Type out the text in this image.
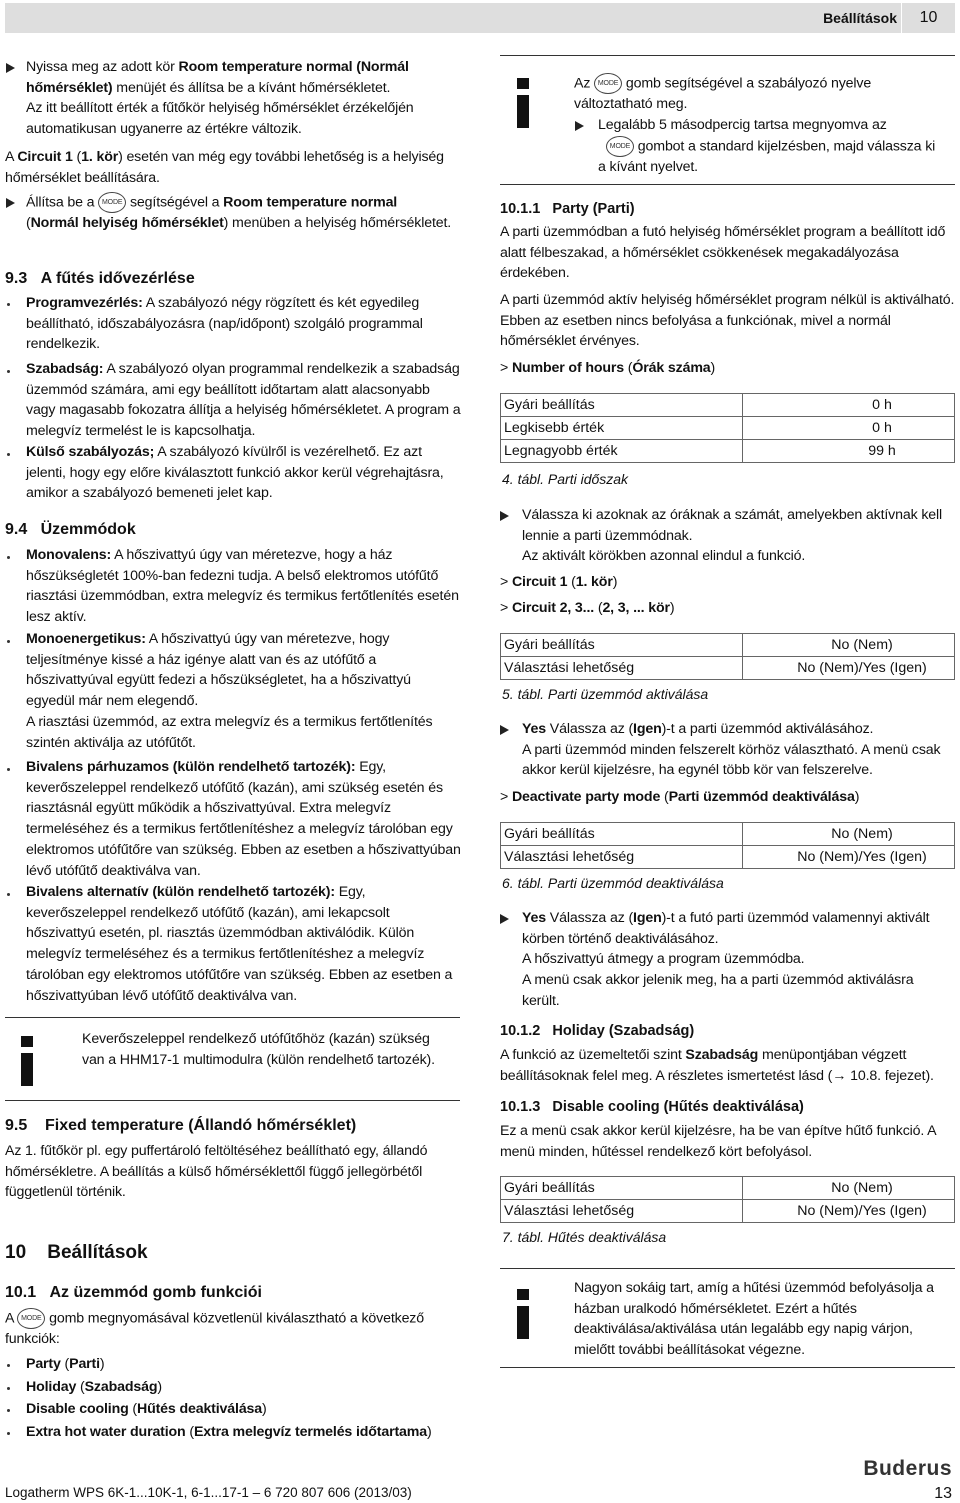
Beállítások	10
Nyissa meg az adott kör Room temperature normal (Normál hőmérséklet) menüjét és állítsa be a kívánt hőmérsékletet.
Az itt beállított érték a fűtőkör helyiség hőmérséklet érzékelőjén automatikusan ugyanerre az értékre változik.
A Circuit 1 (1. kör) esetén van még egy további lehetőség is a helyiség hőmérséklet beállítására.
Állítsa be a MODE segítségével a Room temperature normal
(Normál helyiség hőmérséklet) menüben a helyiség hőmérsékletet.
9.3 A fűtés idővezérlése
Programvezérlés: A szabályozó négy rögzített és két egyedileg beállítható, időszabályozásra (nap/időpont) szolgáló programmal rendelkezik.
Szabadság: A szabályozó olyan programmal rendelkezik a szabadság üzemmód számára, ami egy beállított időtartam alatt alacsonyabb vagy magasabb fokozatra állítja a helyiség hőmérsékletet. A program a melegvíz termelést le is kapcsolhatja.
Külső szabályozás; A szabályozó kívülről is vezérelhető. Ez azt jelenti, hogy egy előre kiválasztott funkció akkor kerül végrehajtásra, amikor a szabályozó bemeneti jelet kap.
9.4 Üzemmódok
Monovalens: A hőszivattyú úgy van méretezve, hogy a ház hőszükségletét 100%-ban fedezni tudja. A belső elektromos utófűtő riasztási üzemmódban, extra melegvíz és termikus fertőtlenítés esetén lesz aktív.
Monoenergetikus: A hőszivattyú úgy van méretezve, hogy teljesítménye kissé a ház igénye alatt van és az utófűtő a hőszivattyúval együtt fedezi a hőszükségletet, ha a hőszivattyú egyedül már nem elegendő.
A riasztási üzemmód, az extra melegvíz és a termikus fertőtlenítés szintén aktiválja az utófűtőt.
Bivalens párhuzamos (külön rendelhető tartozék): Egy, keverőszeleppel rendelkező utófűtő (kazán), ami szükség esetén és riasztásnál együtt működik a hőszivattyúval. Extra melegvíz termeléséhez és a termikus fertőtlenítéshez a melegvíz tárolóban egy elektromos utófűtőre van szükség. Ebben az esetben a hőszivattyúban lévő utófűtő deaktiválva van.
Bivalens alternatív (külön rendelhető tartozék): Egy, keverőszeleppel rendelkező utófűtő (kazán), ami lekapcsolt hőszivattyú esetén, pl. riasztás üzemmódban aktiválódik. Külön melegvíz termeléséhez és a termikus fertőtlenítéshez a melegvíz tárolóban egy elektromos utófűtőre van szükség. Ebben az esetben a hőszivattyúban lévő utófűtő deaktiválva van.
Keverőszeleppel rendelkező utófűtőhöz (kazán) szükség van a HHM17-1 multimodulra (külön rendelhető tartozék).
9.5 Fixed temperature (Állandó hőmérséklet)
Az 1. fűtőkör pl. egy puffertároló feltöltéséhez beállítható egy, állandó hőmérsékletre. A beállítás a külső hőmérséklettől függő jellegörbétől függetlenül történik.
10 Beállítások
10.1 Az üzemmód gomb funkciói
A MODE gomb megnyomásával közvetlenül kiválasztható a következő funkciók:
Party (Parti)
Holiday (Szabadság)
Disable cooling (Hűtés deaktiválása)
Extra hot water duration (Extra melegvíz termelés időtartama)
Az MODE gomb segítségével a szabályozó nyelve változtatható meg.
Legalább 5 másodpercig tartsa megnyomva az
MODE gombot a standard kijelzésben, majd válassza ki a kívánt nyelvet.
10.1.1 Party (Parti)
A parti üzemmódban a futó helyiség hőmérséklet program a beállított idő alatt félbeszakad, a hőmérséklet csökkenések megakadályozása érdekében.
A parti üzemmód aktív helyiség hőmérséklet program nélkül is aktiválható. Ebben az esetben nincs befolyása a funkciónak, mivel a normál hőmérséklet érvényes.
> Number of hours (Órák száma)
Gyári beállítás	0 h
Legkisebb érték	0 h
Legnagyobb érték	99 h
4. tábl. Parti időszak
Válassza ki azoknak az óráknak a számát, amelyekben aktívnak kell lennie a parti üzemmódnak.
Az aktivált körökben azonnal elindul a funkció.
> Circuit 1 (1. kör)
> Circuit 2, 3... (2, 3, ... kör)
Gyári beállítás	No (Nem)
Választási lehetőség	No (Nem)/Yes (Igen)
5. tábl. Parti üzemmód aktiválása
Yes Válassza az (Igen)-t a parti üzemmód aktiválásához.
A parti üzemmód minden felszerelt körhöz választható. A menü csak akkor kerül kijelzésre, ha egynél több kör van felszerelve.
> Deactivate party mode (Parti üzemmód deaktiválása)
Gyári beállítás	No (Nem)
Választási lehetőség	No (Nem)/Yes (Igen)
6. tábl. Parti üzemmód deaktiválása
Yes Válassza az (Igen)-t a futó parti üzemmód valamennyi aktivált körben történő deaktiválásához.
A hőszivattyú átmegy a program üzemmódba.
A menü csak akkor jelenik meg, ha a parti üzemmód aktiválásra került.
10.1.2 Holiday (Szabadság)
A funkció az üzemeltetői szint Szabadság menüpontjában végzett beállításoknak felel meg. A részletes ismertetést lásd (→ 10.8. fejezet).
10.1.3 Disable cooling (Hűtés deaktiválása)
Ez a menü csak akkor kerül kijelzésre, ha be van építve hűtő funkció. A menü minden, hűtéssel rendelkező kört befolyásol.
Gyári beállítás	No (Nem)
Választási lehetőség	No (Nem)/Yes (Igen)
7. tábl. Hűtés deaktiválása
Nagyon sokáig tart, amíg a hűtési üzemmód befolyásolja a házban uralkodó hőmérsékletet. Ezért a hűtés deaktiválása/aktiválása után legalább egy napig várjon, mielőtt további beállításokat végezne.
Buderus
Logatherm WPS 6K-1...10K-1, 6-1...17-1 – 6 720 807 606 (2013/03)	13
